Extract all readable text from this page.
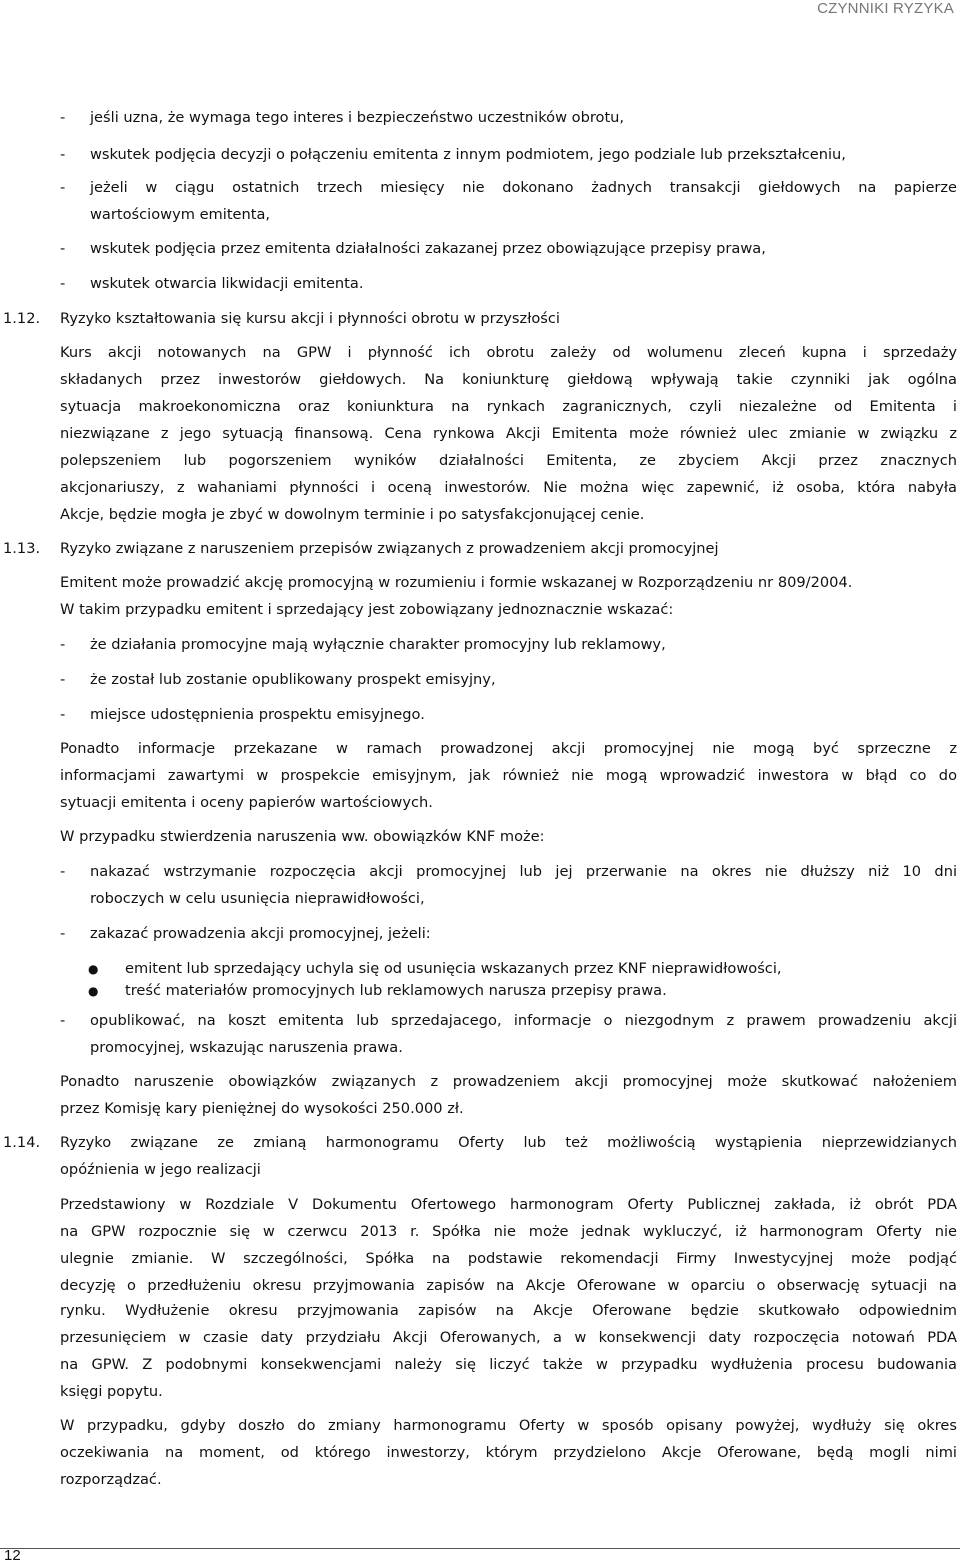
CZYNNIKI RYZYKA
- jeśli uzna, że wymaga tego interes i bezpieczeństwo uczestników obrotu,
- wskutek podjęcia decyzji o połączeniu emitenta z innym podmiotem, jego podziale lub przekształceniu,
- jeżeli w ciągu ostatnich trzech miesięcy nie dokonano żadnych transakcji giełdowych na papierze
wartościowym emitenta,
- wskutek podjęcia przez emitenta działalności zakazanej przez obowiązujące przepisy prawa,
- wskutek otwarcia likwidacji emitenta.
1.12. Ryzyko kształtowania się kursu akcji i płynności obrotu w przyszłości
Kurs akcji notowanych na GPW i płynność ich obrotu zależy od wolumenu zleceń kupna i sprzedaży
składanych przez inwestorów giełdowych. Na koniunkturę giełdową wpływają takie czynniki jak ogólna
sytuacja makroekonomiczna oraz koniunktura na rynkach zagranicznych, czyli niezależne od Emitenta i
niezwiązane z jego sytuacją finansową. Cena rynkowa Akcji Emitenta może również ulec zmianie w związku z
polepszeniem lub pogorszeniem wyników działalności Emitenta, ze zbyciem Akcji przez znacznych
akcjonariuszy, z wahaniami płynności i oceną inwestorów. Nie można więc zapewnić, iż osoba, która nabyła
Akcje, będzie mogła je zbyć w dowolnym terminie i po satysfakcjonującej cenie.
1.13. Ryzyko związane z naruszeniem przepisów związanych z prowadzeniem akcji promocyjnej
Emitent może prowadzić akcję promocyjną w rozumieniu i formie wskazanej w Rozporządzeniu nr 809/2004.
W takim przypadku emitent i sprzedający jest zobowiązany jednoznacznie wskazać:
- że działania promocyjne mają wyłącznie charakter promocyjny lub reklamowy,
- że został lub zostanie opublikowany prospekt emisyjny,
- miejsce udostępnienia prospektu emisyjnego.
Ponadto informacje przekazane w ramach prowadzonej akcji promocyjnej nie mogą być sprzeczne z
informacjami zawartymi w prospekcie emisyjnym, jak również nie mogą wprowadzić inwestora w błąd co do
sytuacji emitenta i oceny papierów wartościowych.
W przypadku stwierdzenia naruszenia ww. obowiązków KNF może:
- nakazać wstrzymanie rozpoczęcia akcji promocyjnej lub jej przerwanie na okres nie dłuższy niż 10 dni
roboczych w celu usunięcia nieprawidłowości,
- zakazać prowadzenia akcji promocyjnej, jeżeli:
● emitent lub sprzedający uchyla się od usunięcia wskazanych przez KNF nieprawidłowości,
● treść materiałów promocyjnych lub reklamowych narusza przepisy prawa.
- opublikować, na koszt emitenta lub sprzedajacego, informacje o niezgodnym z prawem prowadzeniu akcji
promocyjnej, wskazując naruszenia prawa.
Ponadto naruszenie obowiązków związanych z prowadzeniem akcji promocyjnej może skutkować nałożeniem
przez Komisję kary pieniężnej do wysokości 250.000 zł.
1.14. Ryzyko związane ze zmianą harmonogramu Oferty lub też możliwością wystąpienia nieprzewidzianych
opóźnienia w jego realizacji
Przedstawiony w Rozdziale V Dokumentu Ofertowego harmonogram Oferty Publicznej zakłada, iż obrót PDA
na GPW rozpocznie się w czerwcu 2013 r. Spółka nie może jednak wykluczyć, iż harmonogram Oferty nie
ulegnie zmianie. W szczególności, Spółka na podstawie rekomendacji Firmy Inwestycyjnej może podjąć
decyzję o przedłużeniu okresu przyjmowania zapisów na Akcje Oferowane w oparciu o obserwację sytuacji na
rynku. Wydłużenie okresu przyjmowania zapisów na Akcje Oferowane będzie skutkowało odpowiednim
przesunięciem w czasie daty przydziału Akcji Oferowanych, a w konsekwencji daty rozpoczęcia notowań PDA
na GPW. Z podobnymi konsekwencjami należy się liczyć także w przypadku wydłużenia procesu budowania
księgi popytu.
W przypadku, gdyby doszło do zmiany harmonogramu Oferty w sposób opisany powyżej, wydłuży się okres
oczekiwania na moment, od którego inwestorzy, którym przydzielono Akcje Oferowane, będą mogli nimi
rozporządzać.
12
